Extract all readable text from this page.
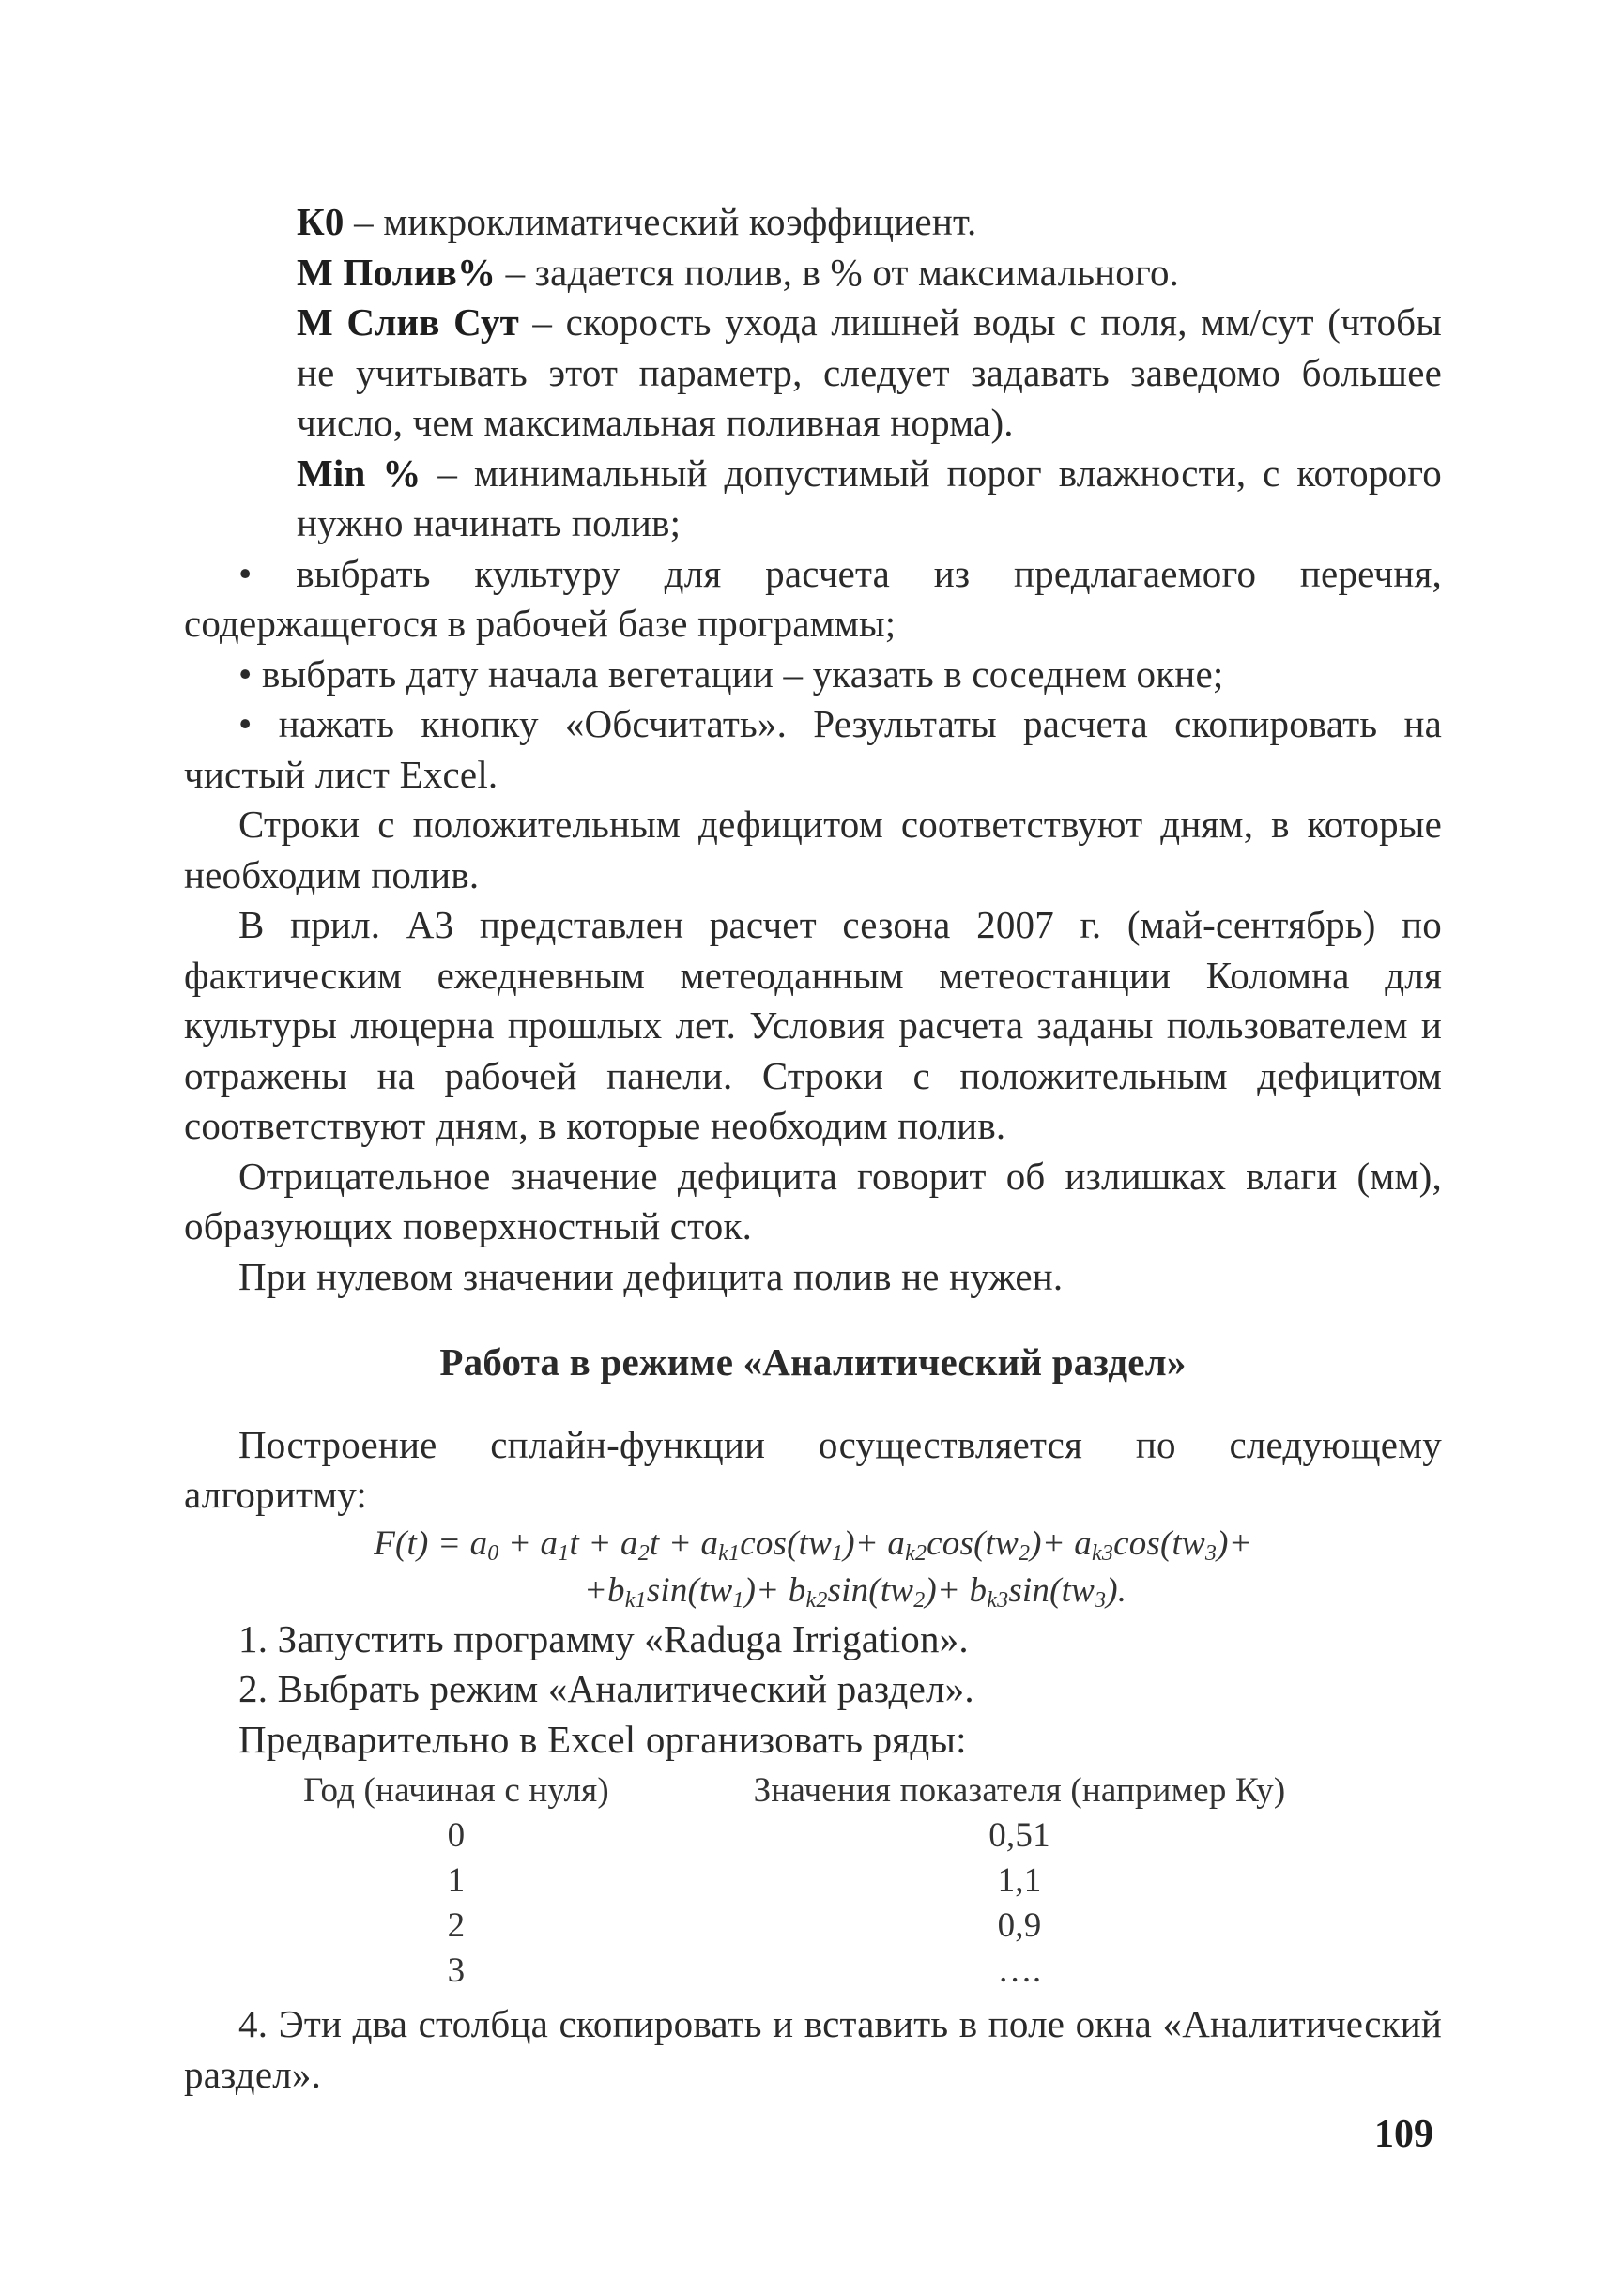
К0 – микроклиматический коэффициент.

М Полив% – задается полив, в % от максимального.

М Слив Сут – скорость ухода лишней воды с поля, мм/сут (чтобы не учитывать этот параметр, следует задавать заведомо большее число, чем максимальная поливная норма).

Min % – минимальный допустимый порог влажности, с которого нужно начинать полив;

• выбрать культуру для расчета из предлагаемого перечня, содержащегося в рабочей базе программы;

• выбрать дату начала вегетации – указать в соседнем окне;

• нажать кнопку «Обсчитать». Результаты расчета скопировать на чистый лист Excel.

Строки с положительным дефицитом соответствуют дням, в которые необходим полив.

В прил. А3 представлен расчет сезона 2007 г. (май-сентябрь) по фактическим ежедневным метеоданным метеостанции Коломна для культуры люцерна прошлых лет. Условия расчета заданы пользователем и отражены на рабочей панели. Строки с положительным дефицитом соответствуют дням, в которые необходим полив.

Отрицательное значение дефицита говорит об излишках влаги (мм), образующих поверхностный сток.

При нулевом значении дефицита полив не нужен.

Работа в режиме «Аналитический раздел»

Построение сплайн-функции осуществляется по следующему алгоритму:

$F(t) = a_0 + a_1t + a_2t + a_{k1}\cos(tw_1)+ a_{k2}\cos(tw_2)+ a_{k3}\cos(tw_3)+$
$+b_{k1}\sin(tw_1)+ b_{k2}\sin(tw_2)+ b_{k3}\sin(tw_3)$.

1. Запустить программу «Raduga Irrigation».

2. Выбрать режим «Аналитический раздел».

Предварительно в Excel организовать ряды:

Год (начиная с нуля)	Значения показателя (например Ку)
0	0,51
1	1,1
2	0,9
3	….

4. Эти два столбца скопировать и вставить в поле окна «Аналитический раздел».

109
